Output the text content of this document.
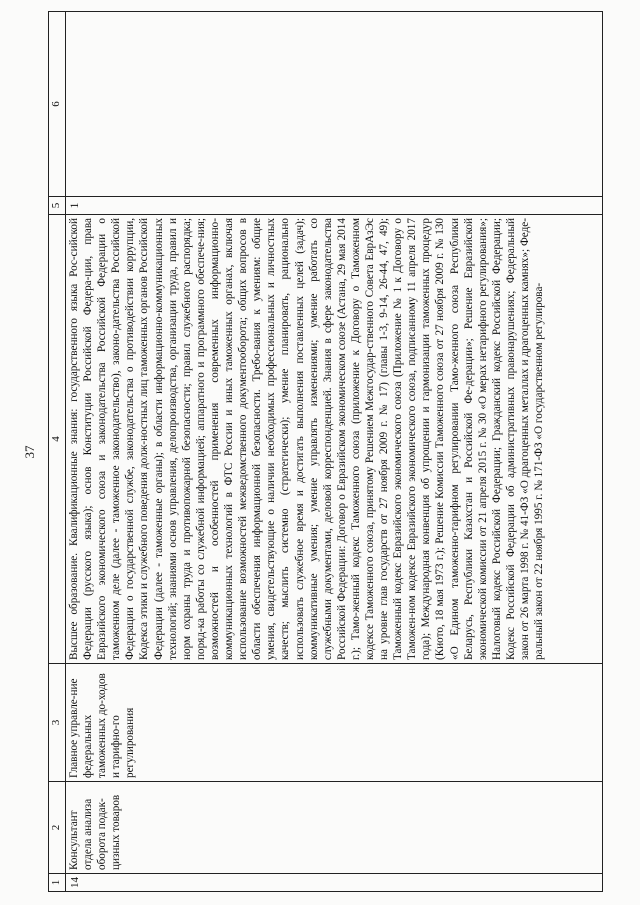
37
1	2	3	4	5	6

14	Консультант отдела анализа оборота подак-цизных товаров	Главное управле-ние федеральных таможенных до-ходов и тарифно-го регулирования	Высшее образование. Квалификационные знания: государственного языка Рос-сийской Федерации (русского языка); основ Конституции Российской Федера-ции, права Евразийского экономического союза и законодательства Российской Федерации о таможенном деле (далее - таможенное законодательство), законо-дательства Российской Федерации о государственной службе, законодательства о противодействии коррупции, Кодекса этики и служебного поведения долж-ностных лиц таможенных органов Российской Федерации (далее - таможенные органы); в области информационно-коммуникационных технологий; знаниями основ управления, делопроизводства, организации труда, правил и норм охраны труда и противопожарной безопасности; правил служебного распорядка; поряд-ка работы со служебной информацией; аппаратного и программного обеспече-ния; возможностей и особенностей применения современных информационно-коммуникационных технологий в ФТС России и иных таможенных органах, включая использование возможностей межведомственного документооборота; общих вопросов в области обеспечения информационной безопасности. Требо-вания к умениям: общие умения, свидетельствующие о наличии необходимых профессиональных и личностных качеств; мыслить системно (стратегически); умение планировать, рационально использовать служебное время и достигать выполнения поставленных целей (задач); коммуникативные умения; умение управлять изменениями; умение работать со служебными документами, деловой корреспонденцией. Знания в сфере законодательства Российской Федерации: Договор о Евразийском экономическом союзе (Астана, 29 мая 2014 г.); Тамо-женный кодекс Таможенного союза (приложение к Договору о Таможенном кодексе Таможенного союза, принятому Решением Межгосудар-ственного Совета ЕврАзЭс на уровне глав государств от 27 ноября 2009 г. № 17) (главы 1-3, 9-14, 26-44, 47, 49); Таможенный кодекс Евразийского экономического союза (Приложение № 1 к Договору о Таможен-ном кодексе Евразийского экономического союза, подписанному 11 апреля 2017 года); Международная конвенция об упрощении и гармонизации таможенных процедур (Киото, 18 мая 1973 г.); Решение Комиссии Таможенного союза от 27 ноября 2009 г. № 130 «О Едином таможенно-тарифном регулировании Тамо-женного союза Республики Беларусь, Республики Казахстан и Российской Фе-дерации»; Решение Евразийской экономической комиссии от 21 апреля 2015 г. № 30 «О мерах нетарифного регулирования»; Налоговый кодекс Российской Федерации; Гражданский кодекс Российской Федерации; Кодекс Российской Федерации об административных правонарушениях; Федеральный закон от 26 марта 1998 г. № 41-ФЗ «О драгоценных металлах и драгоценных камнях»; Феде-ральный закон от 22 ноября 1995 г. № 171-ФЗ «О государственном регулирова-	1	
